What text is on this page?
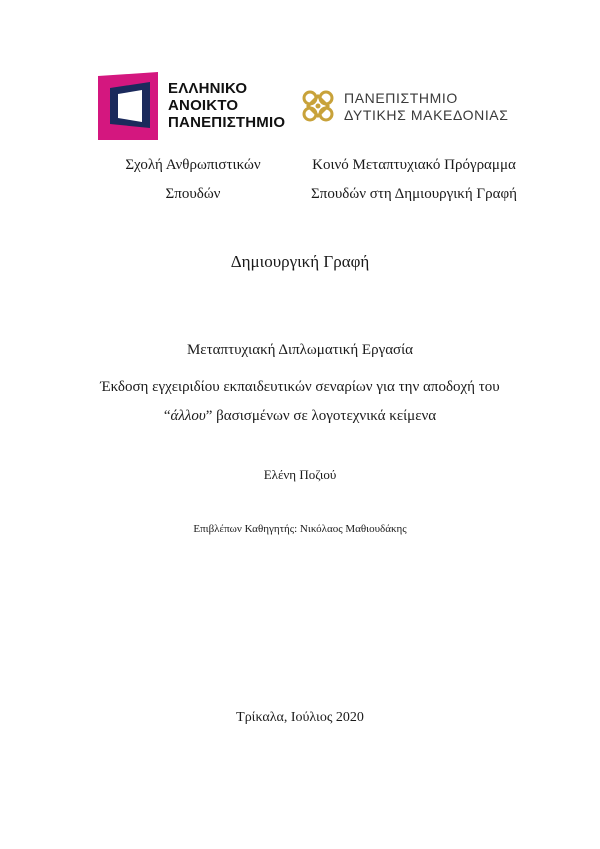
ΕΛΛΗΝΙΚΟ
ΑΝΟΙΚΤΟ
ΠΑΝΕΠΙΣΤΗΜΙΟ
ΠΑΝΕΠΙΣΤΗΜΙΟ
ΔΥΤΙΚΗΣ ΜΑΚΕΔΟΝΙΑΣ
Σχολή Ανθρωπιστικών
Σπουδών
Κοινό Μεταπτυχιακό Πρόγραμμα
Σπουδών στη Δημιουργική Γραφή
Δημιουργική Γραφή
Μεταπτυχιακή Διπλωματική Εργασία
Έκδοση εγχειριδίου εκπαιδευτικών σεναρίων για την αποδοχή του
“άλλου” βασισμένων σε λογοτεχνικά κείμενα
Ελένη Ποζιού
Επιβλέπων Καθηγητής: Νικόλαος Μαθιουδάκης
Τρίκαλα, Ιούλιος 2020
